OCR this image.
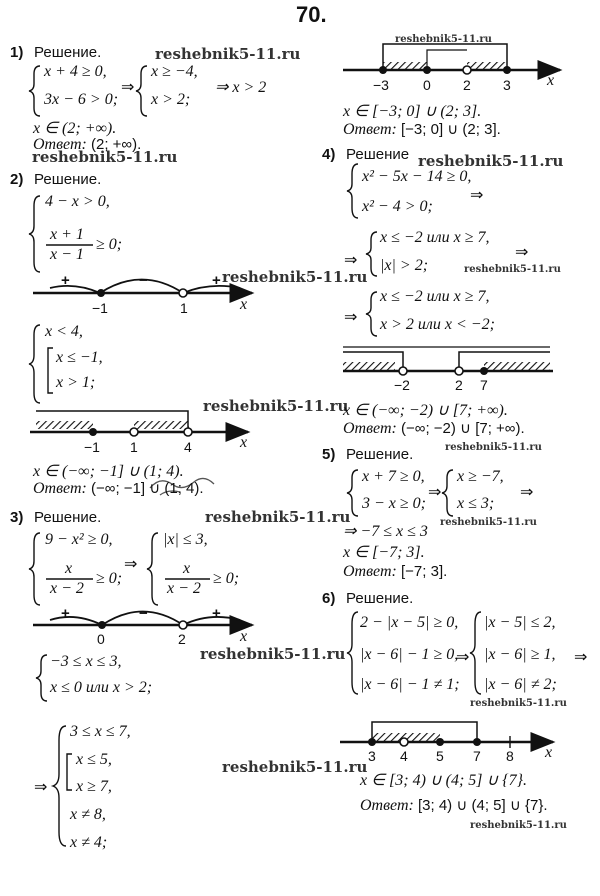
70.
reshebnik5-11.ru
reshebnik5-11.ru
reshebnik5-11.ru	reshebnik5-11.ru
reshebnik5-11.ru	reshebnik5-11.ru
reshebnik5-11.ru
reshebnik5-11.ru
reshebnik5-11.ru	reshebnik5-11.ru
reshebnik5-11.ru
reshebnik5-11.ru
reshebnik5-11.ru
reshebnik5-11.ru
1) Решение.
x + 4 ≥ 0,
3x − 6 > 0;
⇒
x ≥ −4,
x > 2;
⇒ x > 2
x ∈ (2; +∞).
Ответ: (2; +∞).
2) Решение.
4 − x > 0,
x + 1
x − 1
≥ 0;
+	−	+
−1	1	x
x < 4,
x ≤ −1,
x > 1;
−1 1	4	x
x ∈ (−∞; −1] ∪ (1; 4).
Ответ: (−∞; −1] ∪ (1; 4).
3) Решение.
9 − x² ≥ 0,
x
x − 2
≥ 0;
⇒
|x| ≤ 3,
x
x − 2
≥ 0;
+	−	+
0	2	x
−3 ≤ x ≤ 3,
x ≤ 0 или x > 2;
⇒
3 ≤ x ≤ 7,
x ≤ 5,
x ≥ 7,
x ≠ 8,
x ≠ 4;
−3 0 2 3 x
x ∈ [−3; 0] ∪ (2; 3].
Ответ: [−3; 0] ∪ (2; 3].
4) Решение
x² − 5x − 14 ≥ 0,
x² − 4 > 0;
⇒
⇒
x ≤ −2 или x ≥ 7,
|x| > 2;
⇒
⇒
x ≤ −2 или x ≥ 7,
x > 2 или x < −2;
−2	2 7
x ∈ (−∞; −2) ∪ [7; +∞).
Ответ: (−∞; −2) ∪ [7; +∞).
5) Решение.
x + 7 ≥ 0,
3 − x ≥ 0;
⇒
x ≥ −7,
x ≤ 3;
⇒
⇒ −7 ≤ x ≤ 3
x ∈ [−7; 3].
Ответ: [−7; 3].
6) Решение.
2 − |x − 5| ≥ 0,
|x − 6| − 1 ≥ 0,
|x − 6| − 1 ≠ 1;
⇒
|x − 5| ≤ 2,
|x − 6| ≥ 1,
|x − 6| ≠ 2;
⇒
3 4 5 7 8 x
x ∈ [3; 4) ∪ (4; 5] ∪ {7}.
Ответ: [3; 4) ∪ (4; 5] ∪ {7}.
